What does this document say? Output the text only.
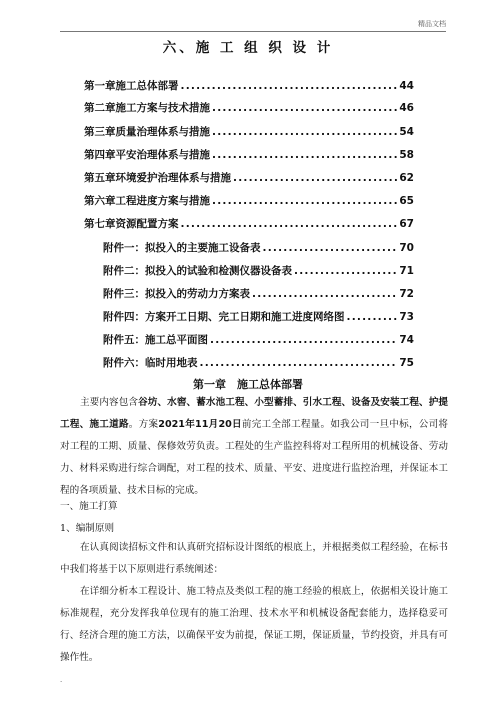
精品文档
六、施 工 组 织 设 计
第一章 施工总体部署 .....	44
第二章 施工方案与技术措施 .....	46
第三章 质量治理体系与措施 .....	54
第四章 平安治理体系与措施 .....	58
第五章 环境爱护治理体系与措施 .....	62
第六章 工程进度方案与措施 .....	65
第七章 资源配置方案 .....	67
附件一：拟投入的主要施工设备表 .....	70
附件二：拟投入的试验和检测仪器设备表 .....	71
附件三：拟投入的劳动力方案表 .....	72
附件四：方案开工日期、完工日期和施工进度网络图 .....	73
附件五：施工总平面图 .....	74
附件六：临时用地表 .....	75
第一章　施工总体部署

主要内容包含谷坊、水窖、蓄水池工程、小型蓄排、引水工程、设备及安装工程、护提工程、施工道路。方案2021年11月20日前完工全部工程量。如我公司一旦中标，公司将对工程的工期、质量、保修效劳负责。工程处的生产监控科将对工程所用的机械设备、劳动力、材料采购进行综合调配，对工程的技术、质量、平安、进度进行监控治理，并保证本工程的各项质量、技术目标的完成。

一、施工打算
1、编制原则

在认真阅读招标文件和认真研究招标设计图纸的根底上，并根据类似工程经验，在标书中我们将基于以下原则进行系统阐述：

在详细分析本工程设计、施工特点及类似工程的施工经验的根底上，依据相关设计施工标准规程，充分发挥我单位现有的施工治理、技术水平和机械设备配套能力，选择稳妥可行、经济合理的施工方法，以确保平安为前提，保证工期，保证质量，节约投资，并具有可操作性。

.
